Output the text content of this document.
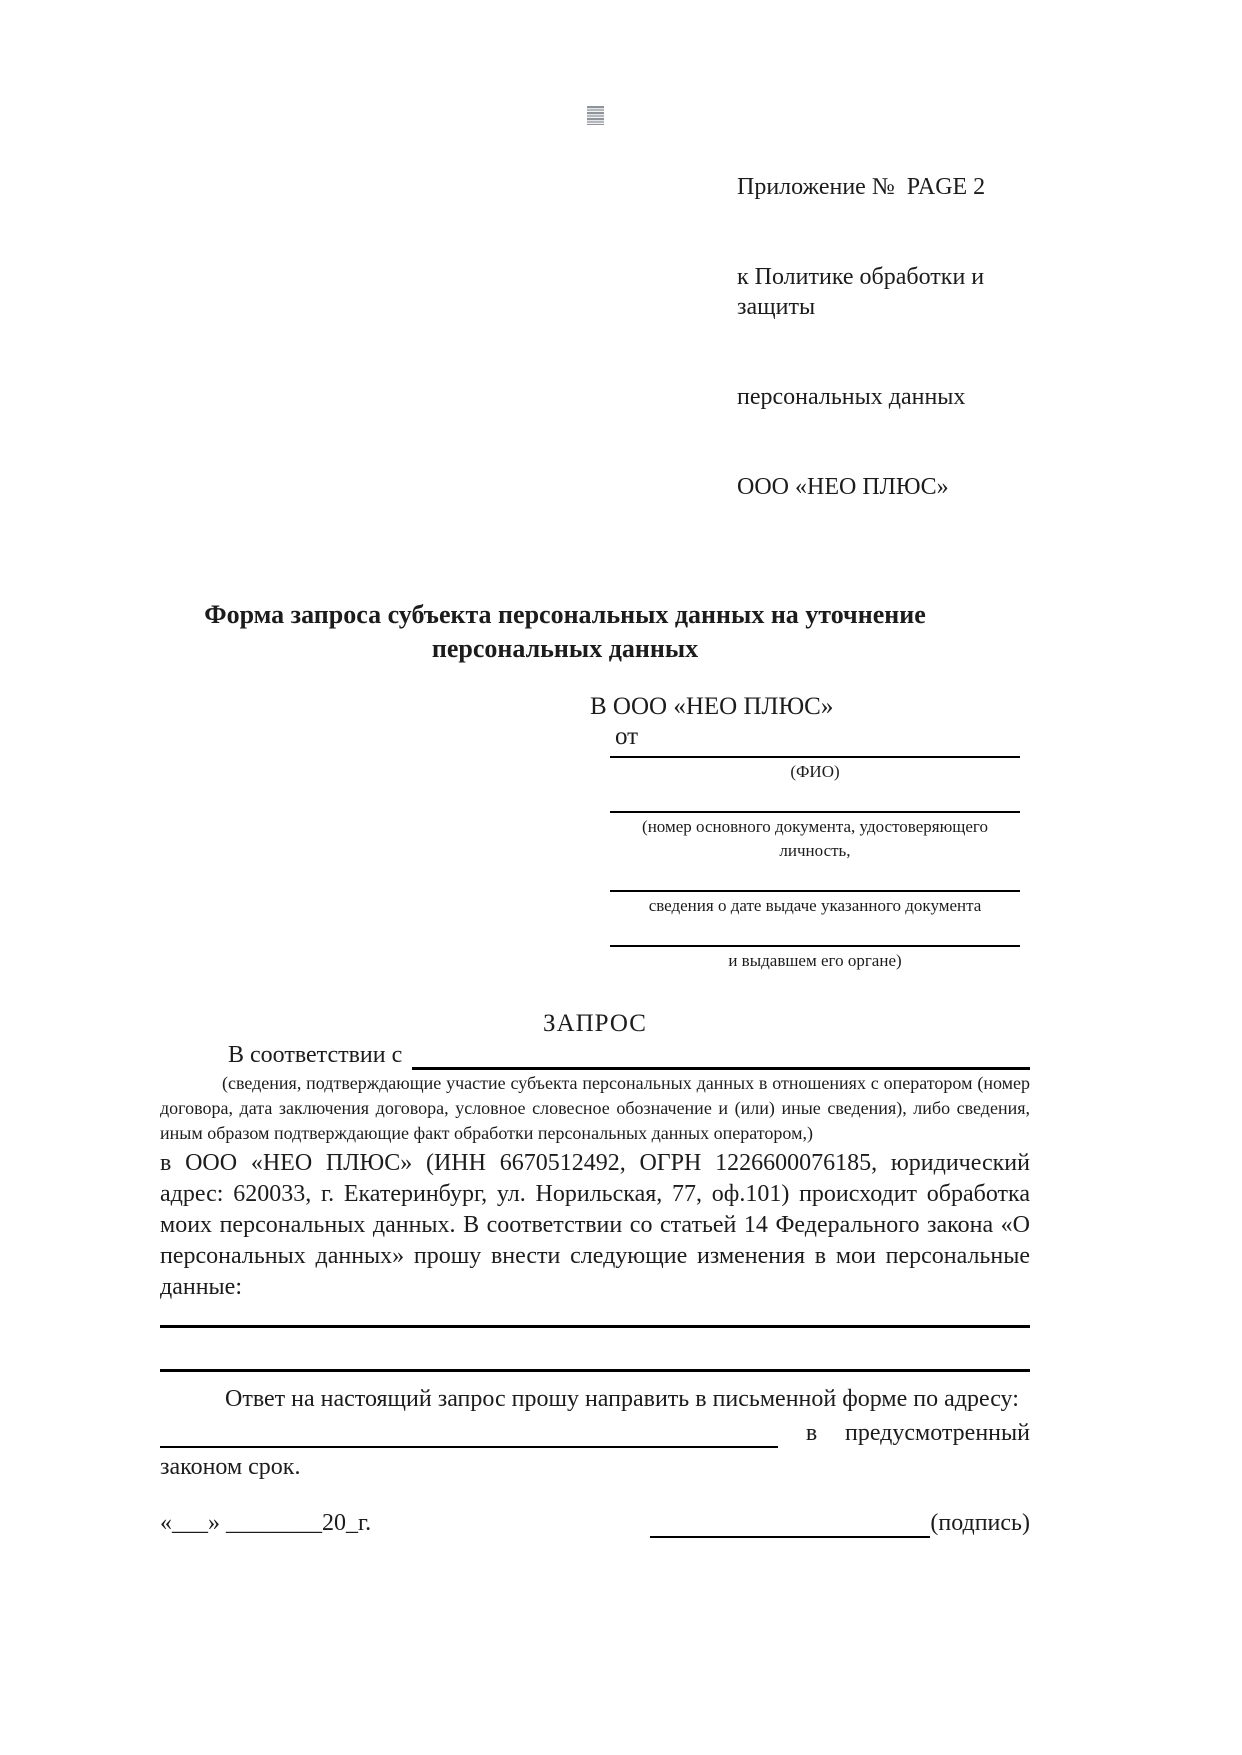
Приложение №  PAGE 2

к Политике обработки и защиты

персональных данных

ООО «НЕО ПЛЮС»

Форма запроса субъекта персональных данных на уточнение персональных данных
В ООО «НЕО ПЛЮС»
от
(ФИО)
(номер основного документа, удостоверяющего личность,
сведения о дате выдаче указанного документа
и выдавшем его органе)
ЗАПРОС
В соответствии с
(сведения, подтверждающие участие субъекта персональных данных в отношениях с оператором (номер договора, дата заключения договора, условное словесное обозначение и (или) иные сведения), либо сведения, иным образом подтверждающие факт обработки персональных данных оператором,)
в ООО «НЕО ПЛЮС» (ИНН 6670512492, ОГРН 1226600076185, юридический адрес: 620033, г. Екатеринбург, ул. Норильская, 77, оф.101) происходит обработка моих персональных данных. В соответствии со статьей 14 Федерального закона «О персональных данных» прошу внести следующие изменения в мои персональные данные:
Ответ на настоящий запрос прошу направить в письменной форме по адресу:
в предусмотренный
законом срок.
«___» ________20_г.	(подпись)
